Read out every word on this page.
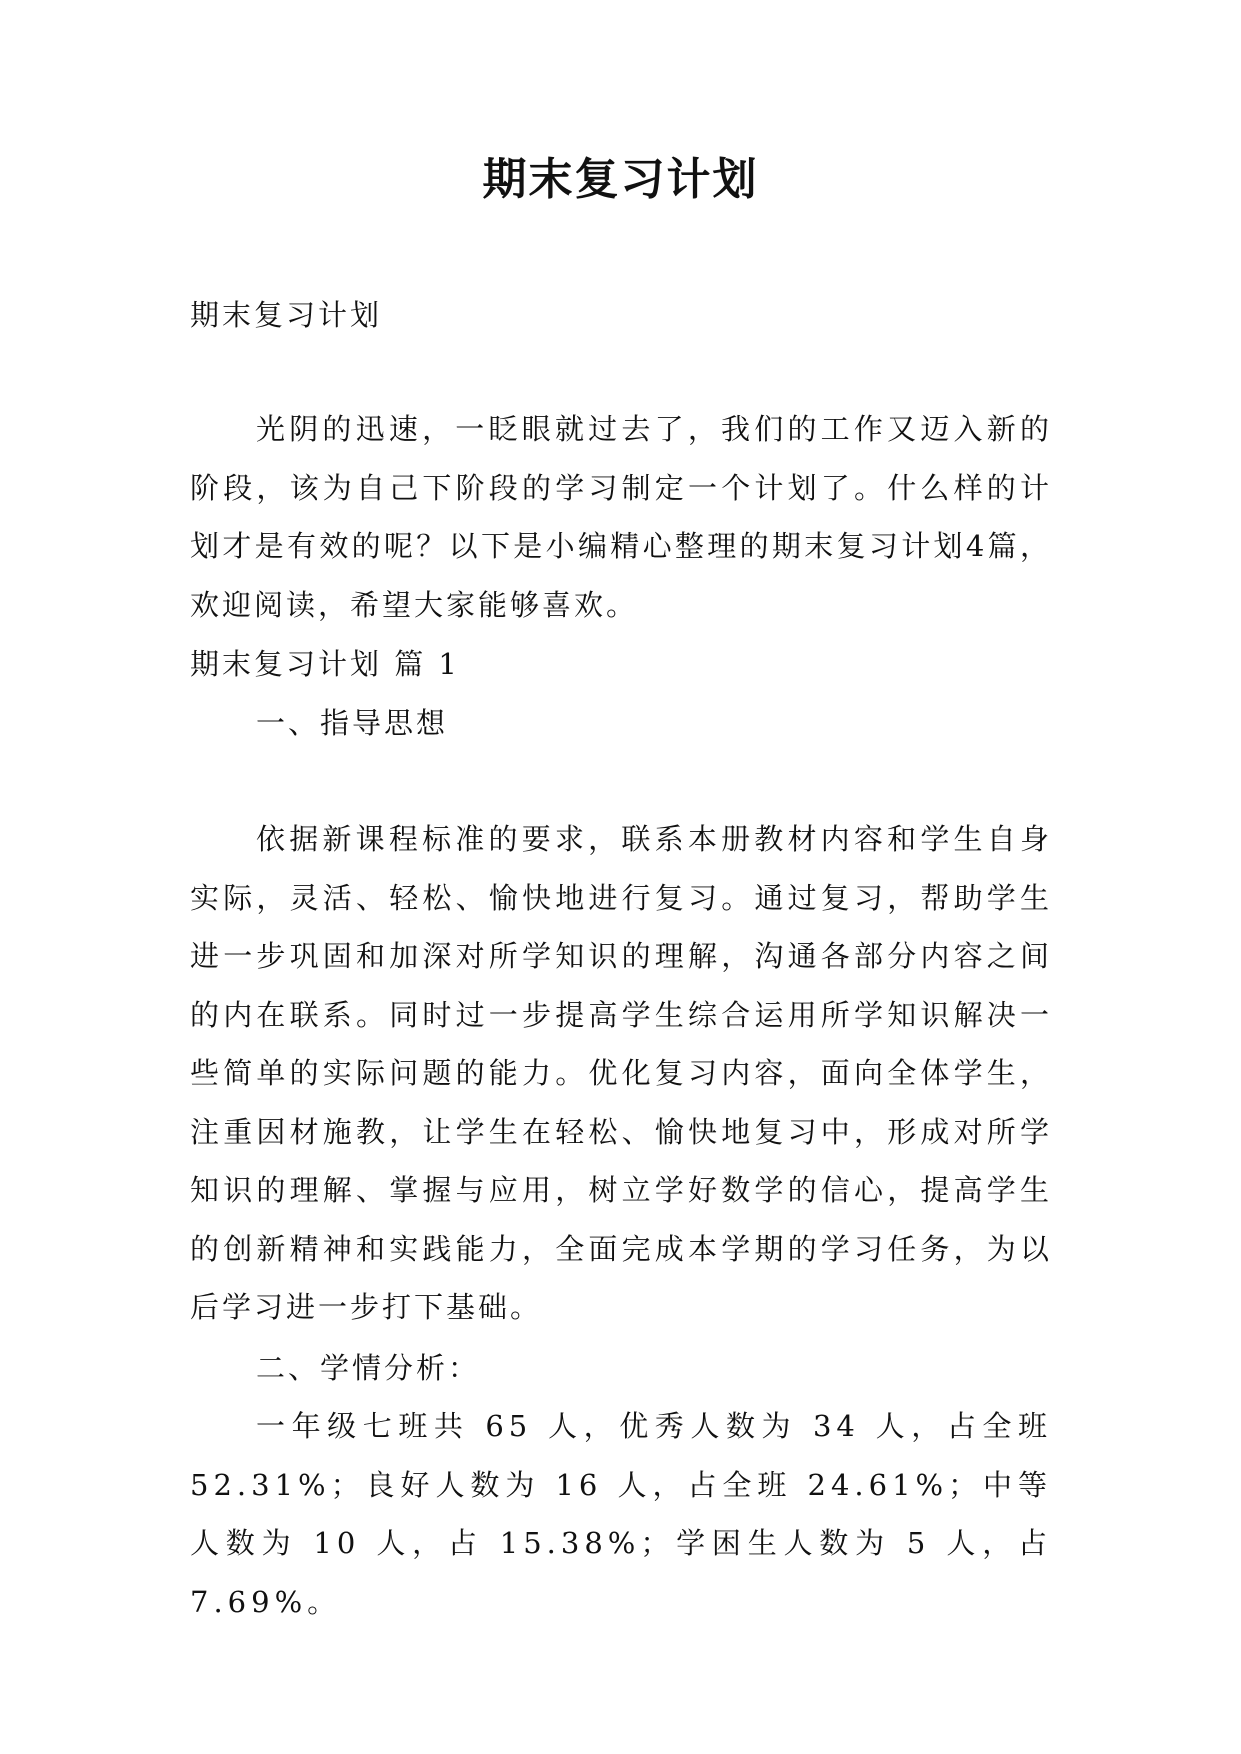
期末复习计划

期末复习计划

光阴的迅速，一眨眼就过去了，我们的工作又迈入新的阶段，该为自己下阶段的学习制定一个计划了。什么样的计划才是有效的呢？以下是小编精心整理的期末复习计划4篇，欢迎阅读，希望大家能够喜欢。

期末复习计划 篇 1

一、指导思想

依据新课程标准的要求，联系本册教材内容和学生自身实际，灵活、轻松、愉快地进行复习。通过复习，帮助学生进一步巩固和加深对所学知识的理解，沟通各部分内容之间的内在联系。同时过一步提高学生综合运用所学知识解决一些简单的实际问题的能力。优化复习内容，面向全体学生，注重因材施教，让学生在轻松、愉快地复习中，形成对所学知识的理解、掌握与应用，树立学好数学的信心，提高学生的创新精神和实践能力，全面完成本学期的学习任务，为以后学习进一步打下基础。

二、学情分析：

一年级七班共 65 人，优秀人数为 34 人，占全班 52.31%；良好人数为 16 人，占全班 24.61%；中等人数为 10 人，占 15.38%；学困生人数为 5 人，占 7.69%。
